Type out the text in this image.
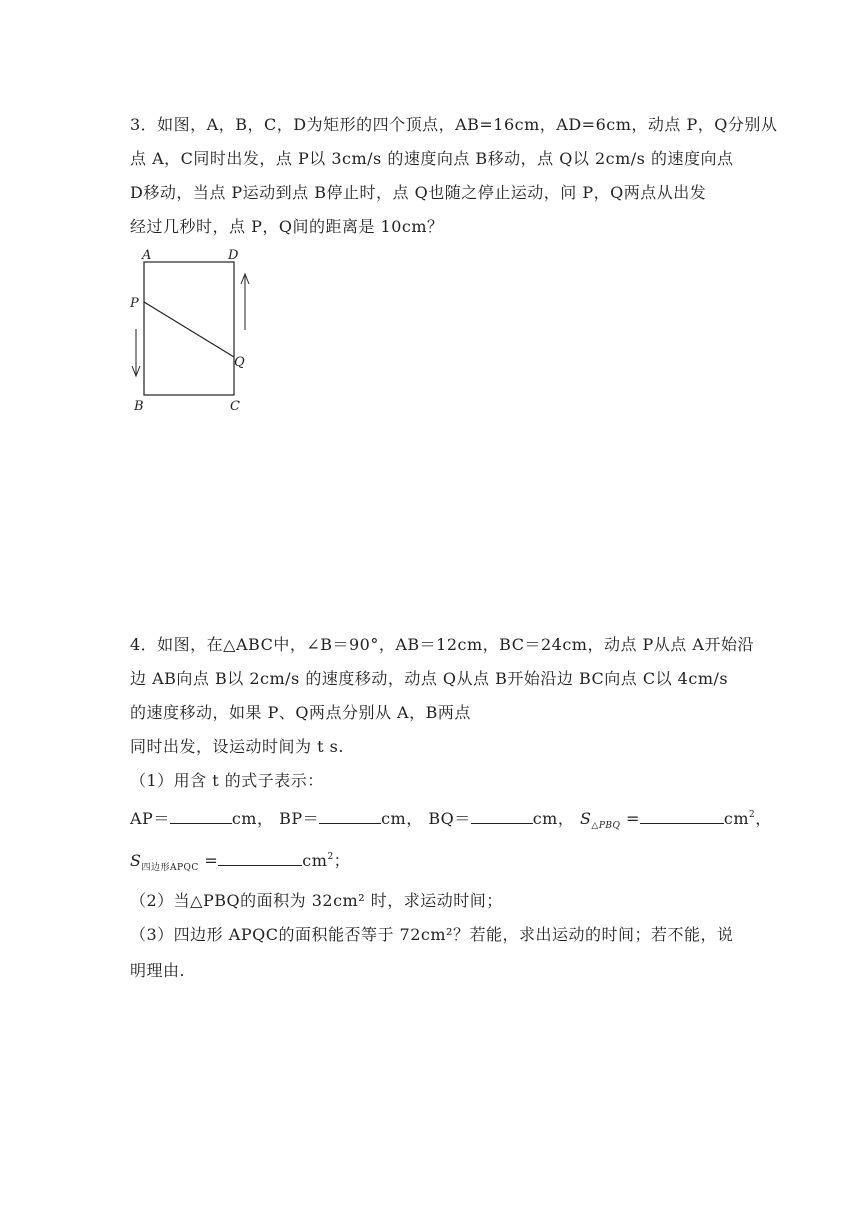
3．如图，A，B，C，D为矩形的四个顶点，AB=16cm，AD=6cm，动点 P，Q分别从
点 A，C同时出发，点 P以 3cm/s 的速度向点 B移动，点 Q以 2cm/s 的速度向点
D移动，当点 P运动到点 B停止时，点 Q也随之停止运动，问 P，Q两点从出发
经过几秒时，点 P，Q间的距离是 10cm？
A	D
P
Q
B	C
4．如图，在△ABC中，∠B＝90°，AB＝12cm，BC＝24cm，动点 P从点 A开始沿
边 AB向点 B以 2cm/s 的速度移动，动点 Q从点 B开始沿边 BC向点 C以 4cm/s
的速度移动，如果 P、Q两点分别从 A，B两点
同时出发，设运动时间为 t s.
（1）用含 t 的式子表示：
AP＝	cm， BP＝	cm， BQ＝	cm， $S_{\triangle PBQ}$ =	$cm^2$，
$S_{四边形APQC}$ =	$cm^2$；
（2）当△PBQ的面积为 32cm² 时，求运动时间；
（3）四边形 APQC的面积能否等于 72cm²？若能，求出运动的时间；若不能，说
明理由.
